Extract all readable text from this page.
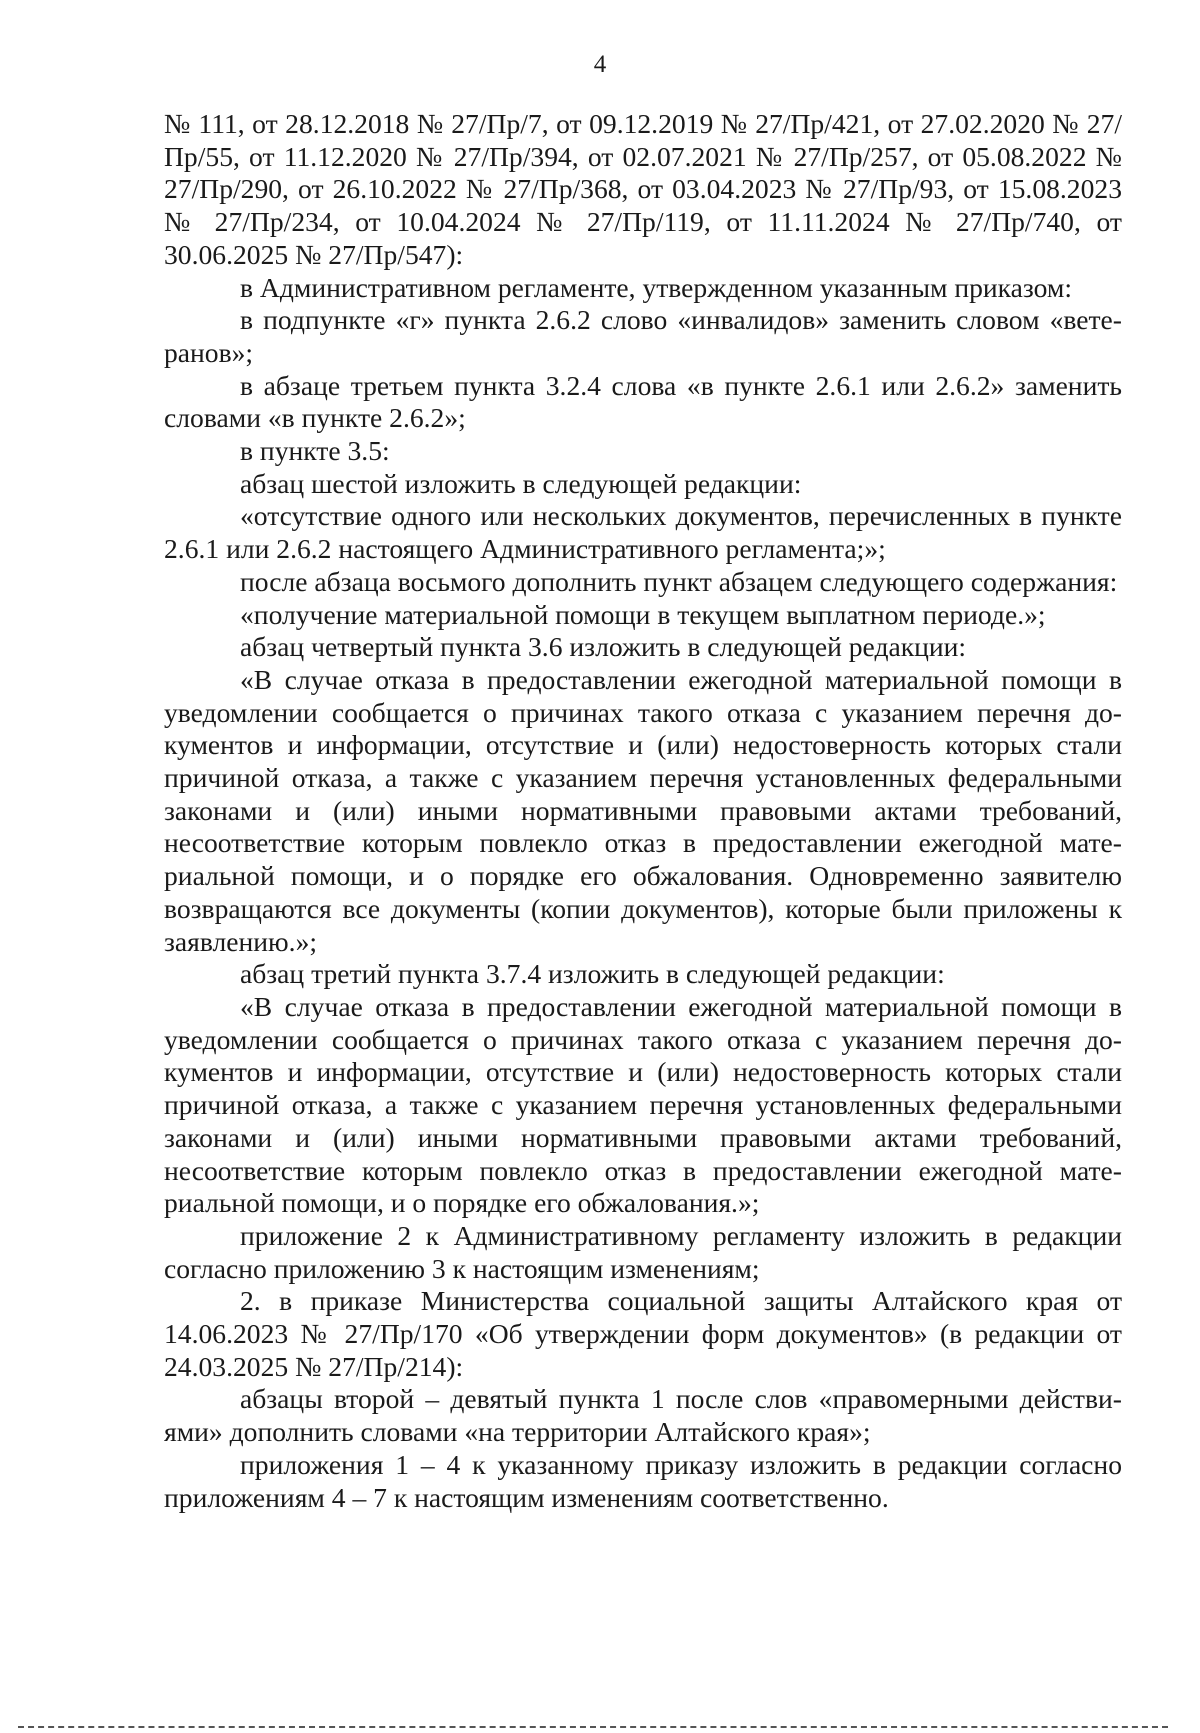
4

№ 111, от 28.12.2018 № 27/Пр/7, от 09.12.2019 № 27/Пр/421, от 27.02.2020 № 27/Пр/55, от 11.12.2020 № 27/Пр/394, от 02.07.2021 № 27/Пр/257, от 05.08.2022 № 27/Пр/290, от 26.10.2022 № 27/Пр/368, от 03.04.2023 № 27/Пр/93, от 15.08.2023 № 27/Пр/234, от 10.04.2024 № 27/Пр/119, от 11.11.2024 № 27/Пр/740, от 30.06.2025 № 27/Пр/547):

в Административном регламенте, утвержденном указанным приказом:

в подпункте «г» пункта 2.6.2 слово «инвалидов» заменить словом «ветеранов»;

в абзаце третьем пункта 3.2.4 слова «в пункте 2.6.1 или 2.6.2» заменить словами «в пункте 2.6.2»;

в пункте 3.5:

абзац шестой изложить в следующей редакции:

«отсутствие одного или нескольких документов, перечисленных в пункте 2.6.1 или 2.6.2 настоящего Административного регламента;»;

после абзаца восьмого дополнить пункт абзацем следующего содержания:

«получение материальной помощи в текущем выплатном периоде.»;

абзац четвертый пункта 3.6 изложить в следующей редакции:

«В случае отказа в предоставлении ежегодной материальной помощи в уведомлении сообщается о причинах такого отказа с указанием перечня документов и информации, отсутствие и (или) недостоверность которых стали причиной отказа, а также с указанием перечня установленных федеральными законами и (или) иными нормативными правовыми актами требований, несоответствие которым повлекло отказ в предоставлении ежегодной материальной помощи, и о порядке его обжалования. Одновременно заявителю возвращаются все документы (копии документов), которые были приложены к заявлению.»;

абзац третий пункта 3.7.4 изложить в следующей редакции:

«В случае отказа в предоставлении ежегодной материальной помощи в уведомлении сообщается о причинах такого отказа с указанием перечня документов и информации, отсутствие и (или) недостоверность которых стали причиной отказа, а также с указанием перечня установленных федеральными законами и (или) иными нормативными правовыми актами требований, несоответствие которым повлекло отказ в предоставлении ежегодной материальной помощи, и о порядке его обжалования.»;

приложение 2 к Административному регламенту изложить в редакции согласно приложению 3 к настоящим изменениям;

2. в приказе Министерства социальной защиты Алтайского края от 14.06.2023 № 27/Пр/170 «Об утверждении форм документов» (в редакции от 24.03.2025 № 27/Пр/214):

абзацы второй – девятый пункта 1 после слов «правомерными действиями» дополнить словами «на территории Алтайского края»;

приложения 1 – 4 к указанному приказу изложить в редакции согласно приложениям 4 – 7 к настоящим изменениям соответственно.
